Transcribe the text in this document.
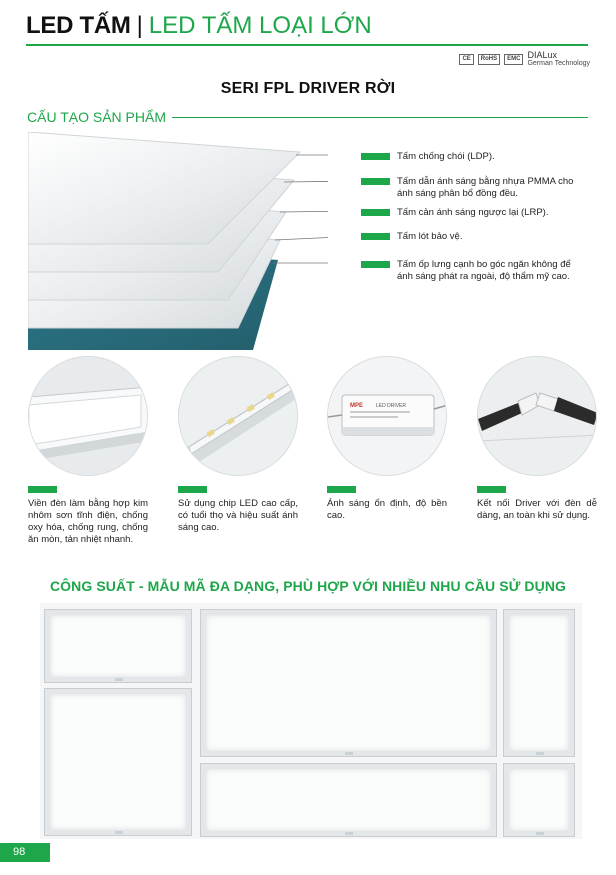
LED TẤM | LED TẤM LOẠI LỚN
CE	RoHS	EMC DIALux
German Technology
SERI FPL DRIVER RỜI
CẤU TẠO SẢN PHẨM
Tấm chống chói (LDP).
Tấm dẫn ánh sáng bằng nhựa PMMA cho ánh sáng phân bổ đồng đều.
Tấm cản ánh sáng ngược lại (LRP).
Tấm lót bảo vệ.
Tấm ốp lưng cạnh bo góc ngăn không để ánh sáng phát ra ngoài, độ thẩm mỹ cao.
MPE	LED DRIVER
Viền đèn làm bằng hợp kim nhôm sơn tĩnh điện, chống oxy hóa, chống rung, chống ăn mòn, tản nhiệt nhanh.
Sử dụng chip LED cao cấp, có tuổi thọ và hiệu suất ánh sáng cao.
Ánh sáng ổn định, độ bền cao.
Kết nối Driver với đèn dễ dàng, an toàn khi sử dụng.
CÔNG SUẤT - MẪU MÃ ĐA DẠNG, PHÙ HỢP VỚI NHIỀU NHU CẦU SỬ DỤNG
98
